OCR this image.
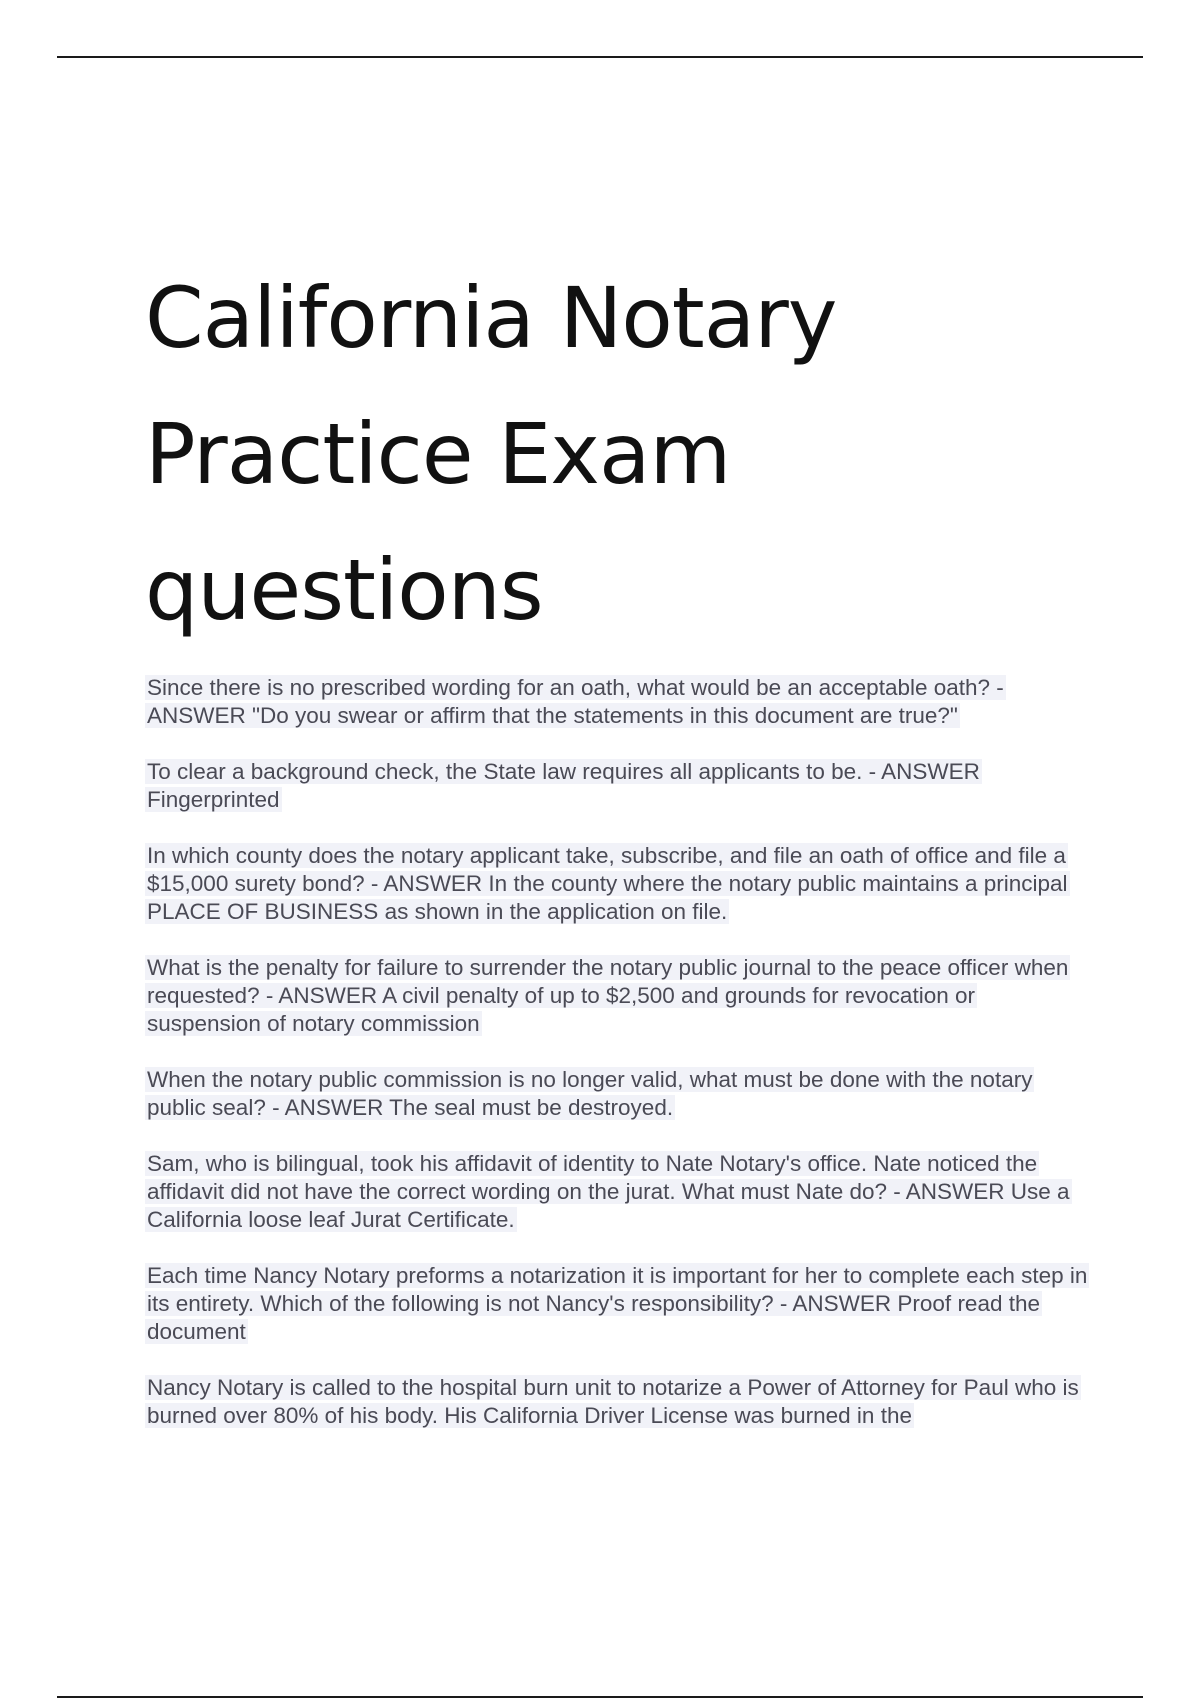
California Notary
Practice Exam
questions
Since there is no prescribed wording for an oath, what would be an acceptable oath? - ANSWER "Do you swear or affirm that the statements in this document are true?"
To clear a background check, the State law requires all applicants to be. - ANSWER Fingerprinted
In which county does the notary applicant take, subscribe, and file an oath of office and file a $15,000 surety bond? - ANSWER In the county where the notary public maintains a principal PLACE OF BUSINESS as shown in the application on file.
What is the penalty for failure to surrender the notary public journal to the peace officer when requested? - ANSWER A civil penalty of up to $2,500 and grounds for revocation or suspension of notary commission
When the notary public commission is no longer valid, what must be done with the notary public seal? - ANSWER The seal must be destroyed.
Sam, who is bilingual, took his affidavit of identity to Nate Notary's office. Nate noticed the affidavit did not have the correct wording on the jurat. What must Nate do? - ANSWER Use a California loose leaf Jurat Certificate.
Each time Nancy Notary preforms a notarization it is important for her to complete each step in its entirety. Which of the following is not Nancy's responsibility? - ANSWER Proof read the document
Nancy Notary is called to the hospital burn unit to notarize a Power of Attorney for Paul who is burned over 80% of his body. His California Driver License was burned in the
